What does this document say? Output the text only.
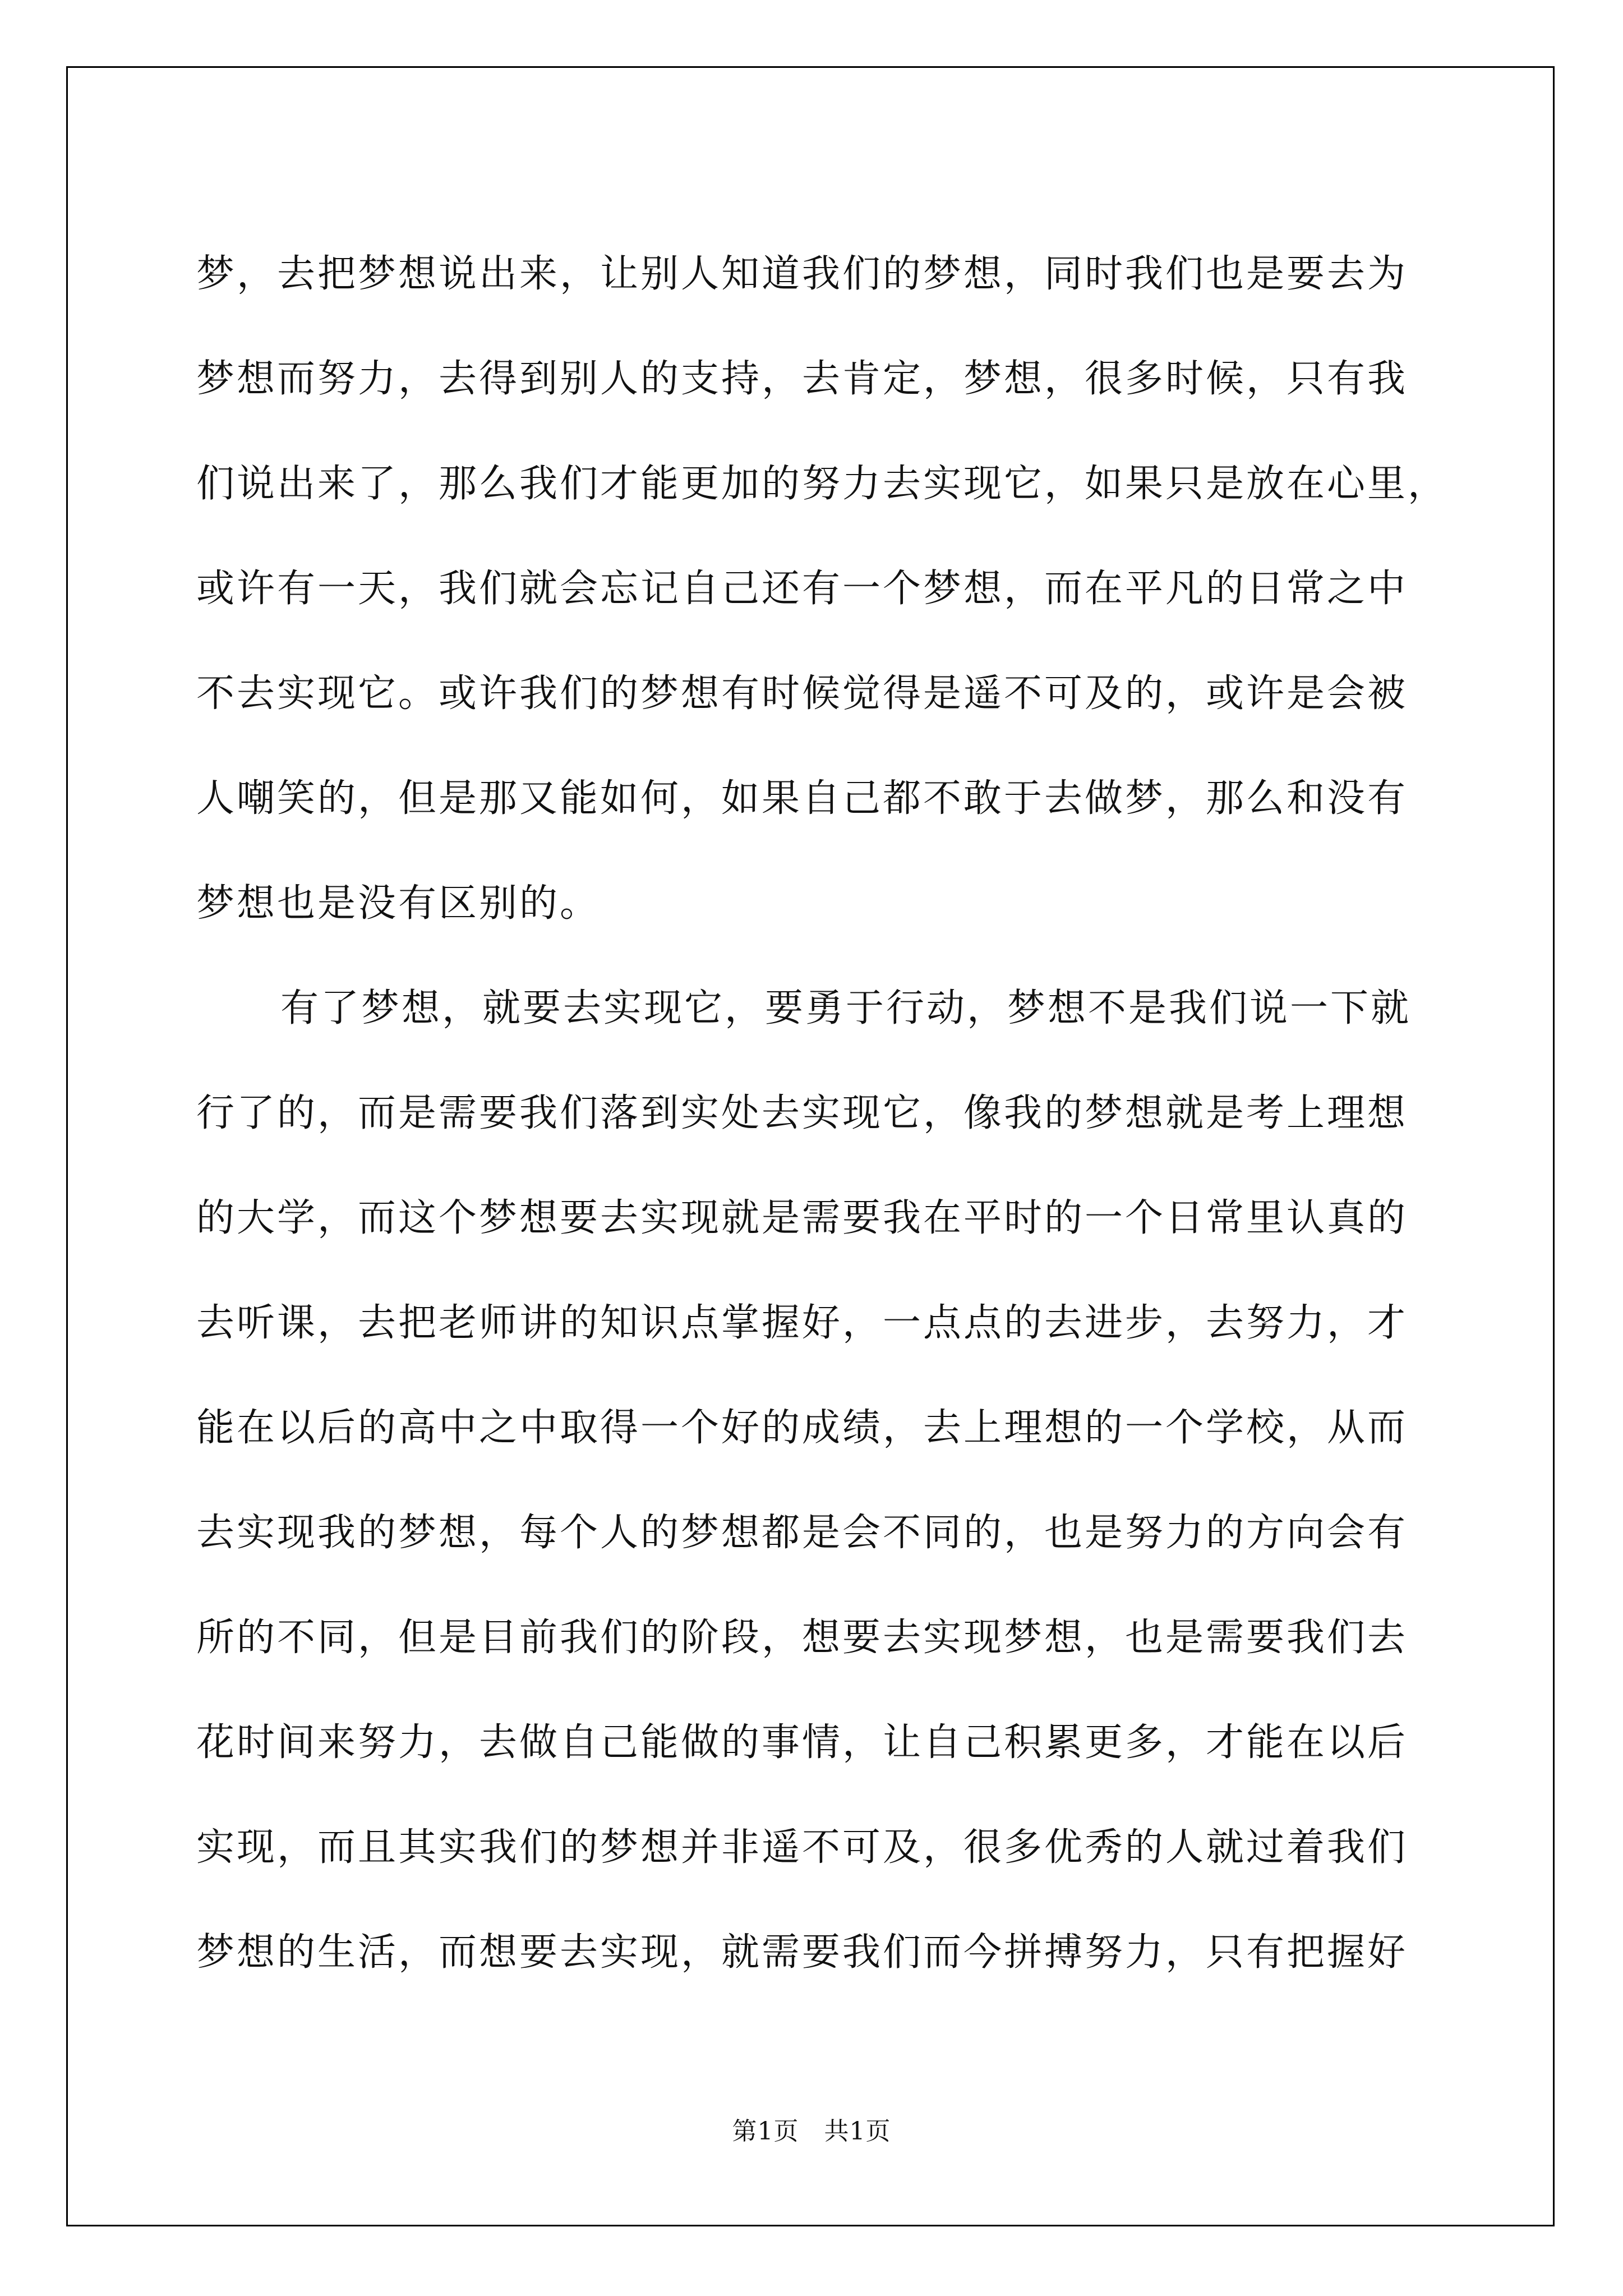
梦，去把梦想说出来，让别人知道我们的梦想，同时我们也是要去为
梦想而努力，去得到别人的支持，去肯定，梦想，很多时候，只有我
们说出来了，那么我们才能更加的努力去实现它，如果只是放在心里，
或许有一天，我们就会忘记自己还有一个梦想，而在平凡的日常之中
不去实现它。或许我们的梦想有时候觉得是遥不可及的，或许是会被
人嘲笑的，但是那又能如何，如果自己都不敢于去做梦，那么和没有
梦想也是没有区别的。
有了梦想，就要去实现它，要勇于行动，梦想不是我们说一下就
行了的，而是需要我们落到实处去实现它，像我的梦想就是考上理想
的大学，而这个梦想要去实现就是需要我在平时的一个日常里认真的
去听课，去把老师讲的知识点掌握好，一点点的去进步，去努力，才
能在以后的高中之中取得一个好的成绩，去上理想的一个学校，从而
去实现我的梦想，每个人的梦想都是会不同的，也是努力的方向会有
所的不同，但是目前我们的阶段，想要去实现梦想，也是需要我们去
花时间来努力，去做自己能做的事情，让自己积累更多，才能在以后
实现，而且其实我们的梦想并非遥不可及，很多优秀的人就过着我们
梦想的生活，而想要去实现，就需要我们而今拼搏努力，只有把握好
第1页　共1页
